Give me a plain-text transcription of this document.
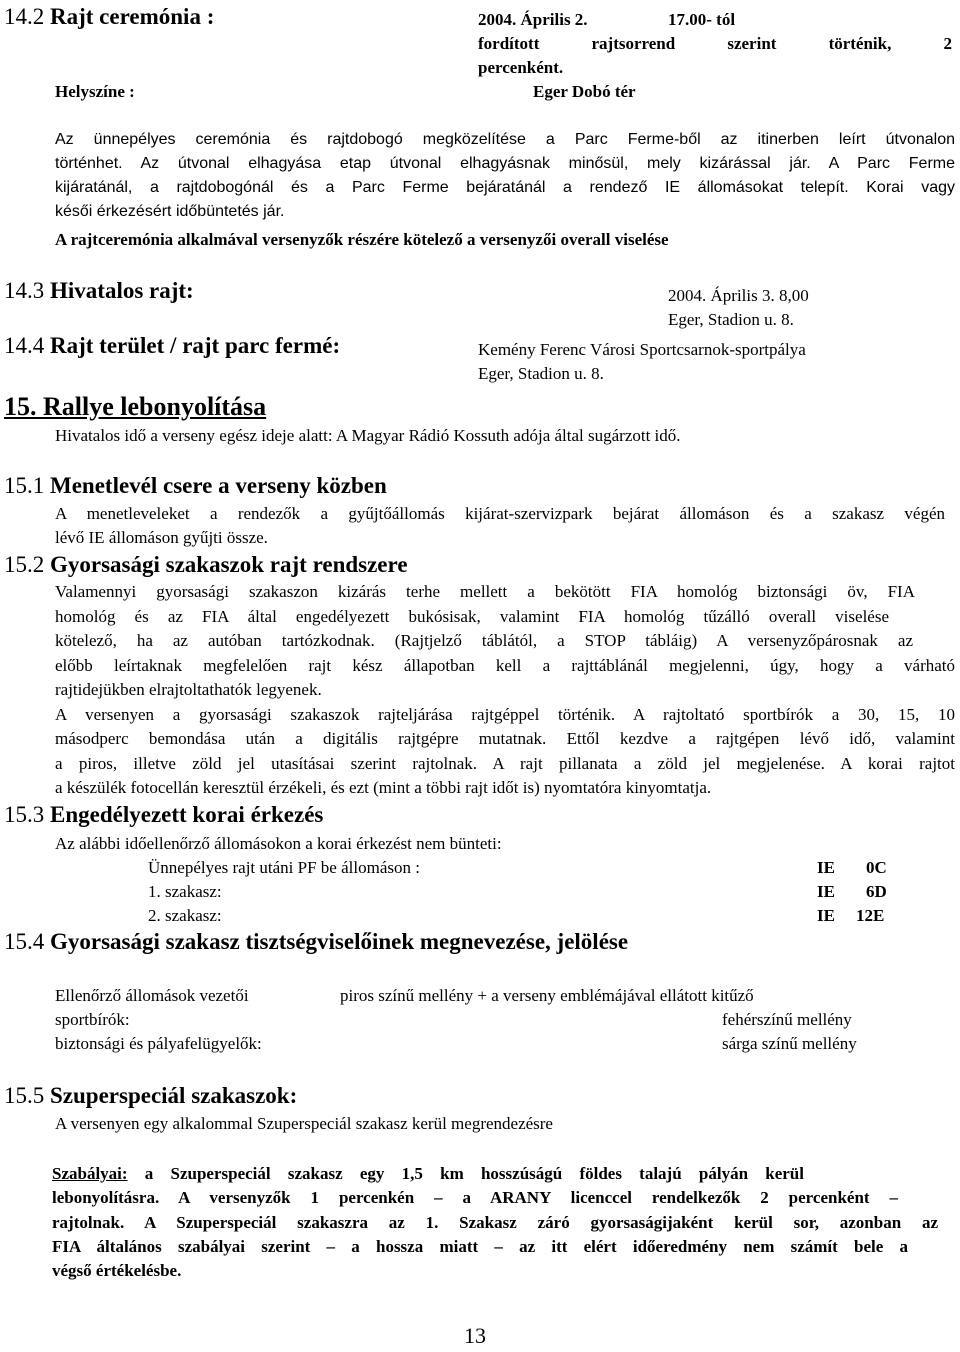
14.2 Rajt ceremónia :	2004. Április 2.	17.00- tól
fordított rajtsorrend szerint történik, 2
percenként.
Helyszíne :	Eger Dobó tér
Az ünnepélyes ceremónia és rajtdobogó megközelítése a Parc Ferme-ből az itinerben leírt útvonalon
történhet. Az útvonal elhagyása etap útvonal elhagyásnak minősül, mely kizárással jár. A Parc Ferme
kijáratánál, a rajtdobogónál és a Parc Ferme bejáratánál a rendező IE állomásokat telepít. Korai vagy
késői érkezésért időbüntetés jár.
A rajtceremónia alkalmával versenyzők részére kötelező a versenyzői overall viselése
14.3 Hivatalos rajt:	2004. Április 3. 8,00
Eger, Stadion u. 8.
14.4 Rajt terület / rajt parc fermé:	Kemény Ferenc Városi Sportcsarnok-sportpálya
Eger, Stadion u. 8.
15. Rallye lebonyolítása
Hivatalos idő a verseny egész ideje alatt: A Magyar Rádió Kossuth adója által sugárzott idő.
15.1 Menetlevél csere a verseny közben
A menetleveleket a rendezők a gyűjtőállomás kijárat-szervizpark bejárat állomáson és a szakasz végén
lévő IE állomáson gyűjti össze.
15.2 Gyorsasági szakaszok rajt rendszere
Valamennyi gyorsasági szakaszon kizárás terhe mellett a bekötött FIA homológ biztonsági öv, FIA
homológ és az FIA által engedélyezett bukósisak, valamint FIA homológ tűzálló overall viselése
kötelező, ha az autóban tartózkodnak. (Rajtjelző táblától, a STOP tábláig) A versenyzőpárosnak az
előbb leírtaknak megfelelően rajt kész állapotban kell a rajttáblánál megjelenni, úgy, hogy a várható
rajtidejükben elrajtoltathatók legyenek.
A versenyen a gyorsasági szakaszok rajteljárása rajtgéppel történik. A rajtoltató sportbírók a 30, 15, 10
másodperc bemondása után a digitális rajtgépre mutatnak. Ettől kezdve a rajtgépen lévő idő, valamint
a piros, illetve zöld jel utasításai szerint rajtolnak. A rajt pillanata a zöld jel megjelenése. A korai rajtot
a készülék fotocellán keresztül érzékeli, és ezt (mint a többi rajt időt is) nyomtatóra kinyomtatja.
15.3 Engedélyezett korai érkezés
Az alábbi időellenőrző állomásokon a korai érkezést nem bünteti:
Ünnepélyes rajt utáni PF be állomáson :	IE 0C
1. szakasz:	IE 6D
2. szakasz:	IE 12E
15.4 Gyorsasági szakasz tisztségviselőinek megnevezése, jelölése
Ellenőrző állomások vezetői	piros színű mellény + a verseny emblémájával ellátott kitűző
sportbírók:	fehérszínű mellény
biztonsági és pályafelügyelők:	sárga színű mellény
15.5 Szuperspeciál szakaszok:
A versenyen egy alkalommal Szuperspeciál szakasz kerül megrendezésre
Szabályai: a Szuperspeciál szakasz egy 1,5 km hosszúságú földes talajú pályán kerül
lebonyolításra. A versenyzők 1 percenkén – a ARANY licenccel rendelkezők 2 percenként –
rajtolnak. A Szuperspeciál szakaszra az 1. Szakasz záró gyorsaságijaként kerül sor, azonban az
FIA általános szabályai szerint – a hossza miatt – az itt elért időeredmény nem számít bele a
végső értékelésbe.
13
